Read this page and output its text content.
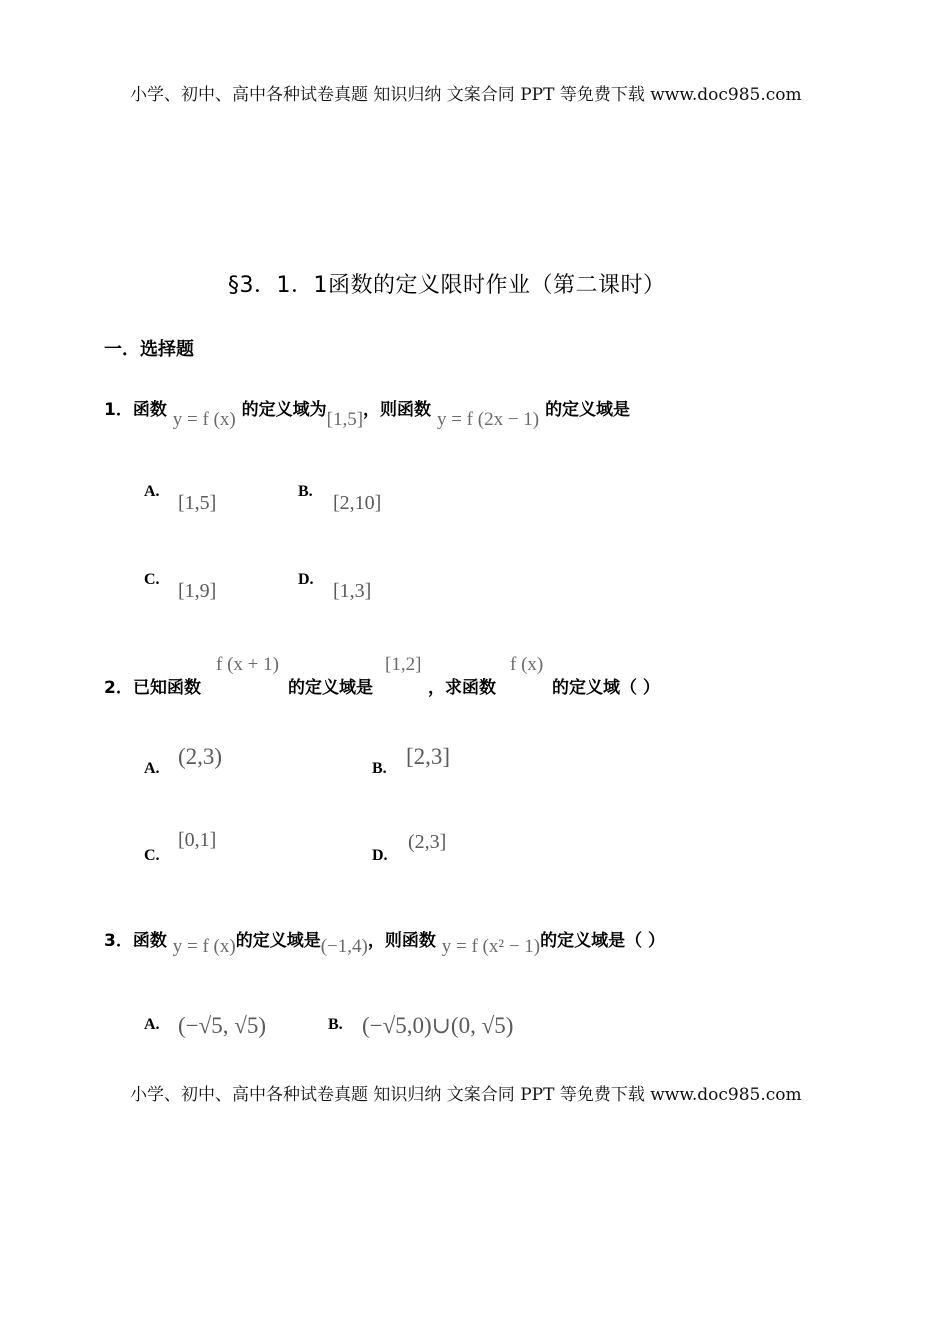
小学、初中、高中各种试卷真题 知识归纳 文案合同 PPT 等免费下载 www.doc985.com
§3．1．1函数的定义限时作业（第二课时）
一．选择题
1．函数 y = f (x) 的定义域为[1,5]，则函数 y = f (2x − 1) 的定义域是
A.
[1,5]
B.
[2,10]
C.
[1,9]
D.
[1,3]
2． 已知函数
f (x + 1)
的定义域是
[1,2]
，求函数
f (x)
的定义域（ ）
A. (2,3)	B. [2,3]
C.
[0,1]
D.
(2,3]
3．函数 y = f (x)的定义域是(−1,4)，则函数 y = f (x² − 1)的定义域是（ ）
A. (−√5, √5)	B. (−√5,0)∪(0, √5)
小学、初中、高中各种试卷真题 知识归纳 文案合同 PPT 等免费下载 www.doc985.com
